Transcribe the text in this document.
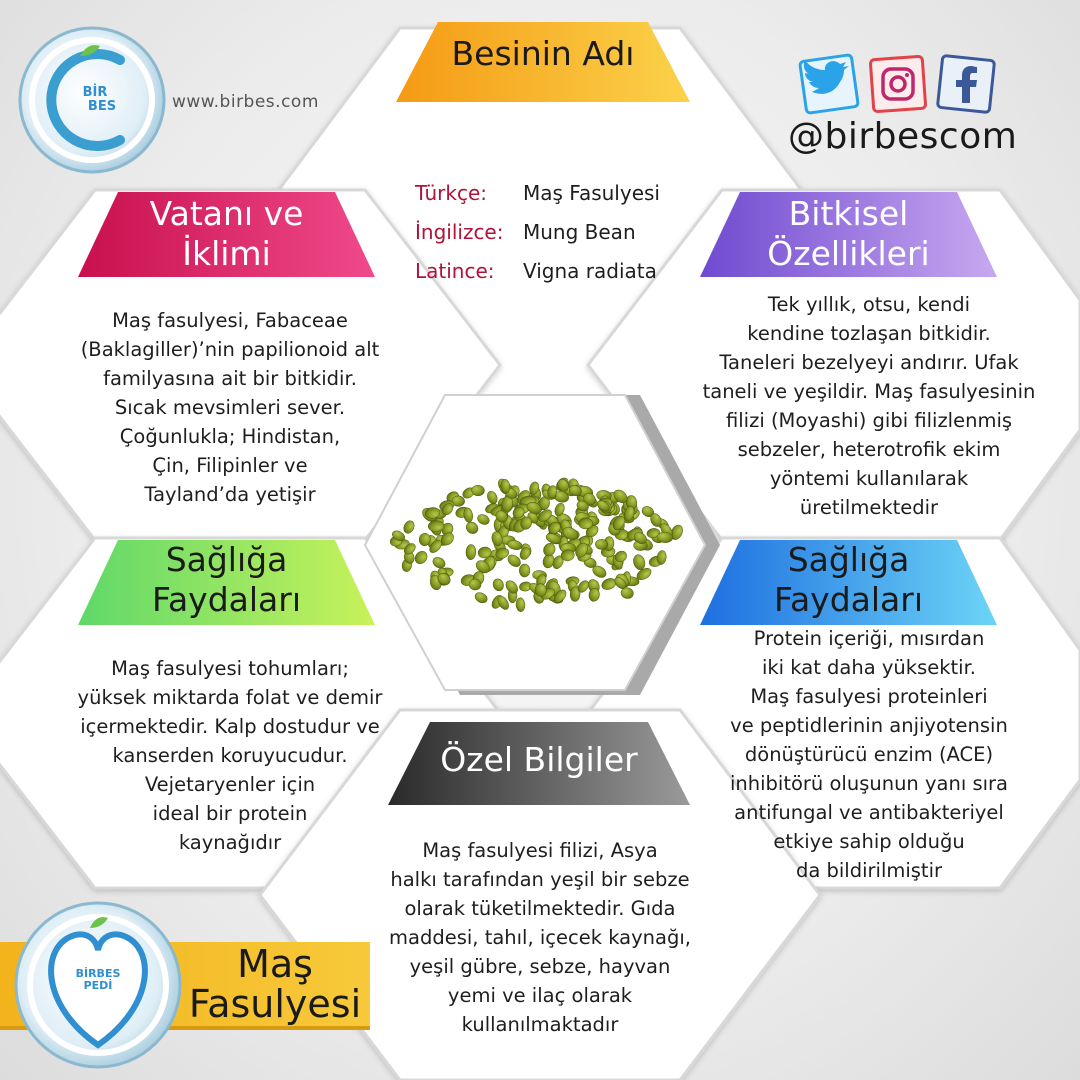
BİR
BES	www.birbes.com
@birbescom
BİRBES
PEDİ	Maş
Fasulyesi
Besinin Adı
Türkçe: Maş Fasulyesi
İngilizce: Mung Bean
Latince: Vigna radiata
Vatanı ve
İklimi
Maş fasulyesi, Fabaceae
(Baklagiller)’nin papilionoid alt
familyasına ait bir bitkidir.
Sıcak mevsimleri sever.
Çoğunlukla; Hindistan,
Çin, Filipinler ve
Tayland’da yetişir
Bitkisel
Özellikleri
Tek yıllık, otsu, kendi
kendine tozlaşan bitkidir.
Taneleri bezelyeyi andırır. Ufak
taneli ve yeşildir. Maş fasulyesinin
filizi (Moyashi) gibi filizlenmiş
sebzeler, heterotrofik ekim
yöntemi kullanılarak
üretilmektedir
Sağlığa
Faydaları
Maş fasulyesi tohumları;
yüksek miktarda folat ve demir
içermektedir. Kalp dostudur ve
kanserden koruyucudur.
Vejetaryenler için
ideal bir protein
kaynağıdır
Sağlığa
Faydaları
Protein içeriği, mısırdan
iki kat daha yüksektir.
Maş fasulyesi proteinleri
ve peptidlerinin anjiyotensin
dönüştürücü enzim (ACE)
inhibitörü oluşunun yanı sıra
antifungal ve antibakteriyel
etkiye sahip olduğu
da bildirilmiştir
Özel Bilgiler
Maş fasulyesi filizi, Asya
halkı tarafından yeşil bir sebze
olarak tüketilmektedir. Gıda
maddesi, tahıl, içecek kaynağı,
yeşil gübre, sebze, hayvan
yemi ve ilaç olarak
kullanılmaktadır
